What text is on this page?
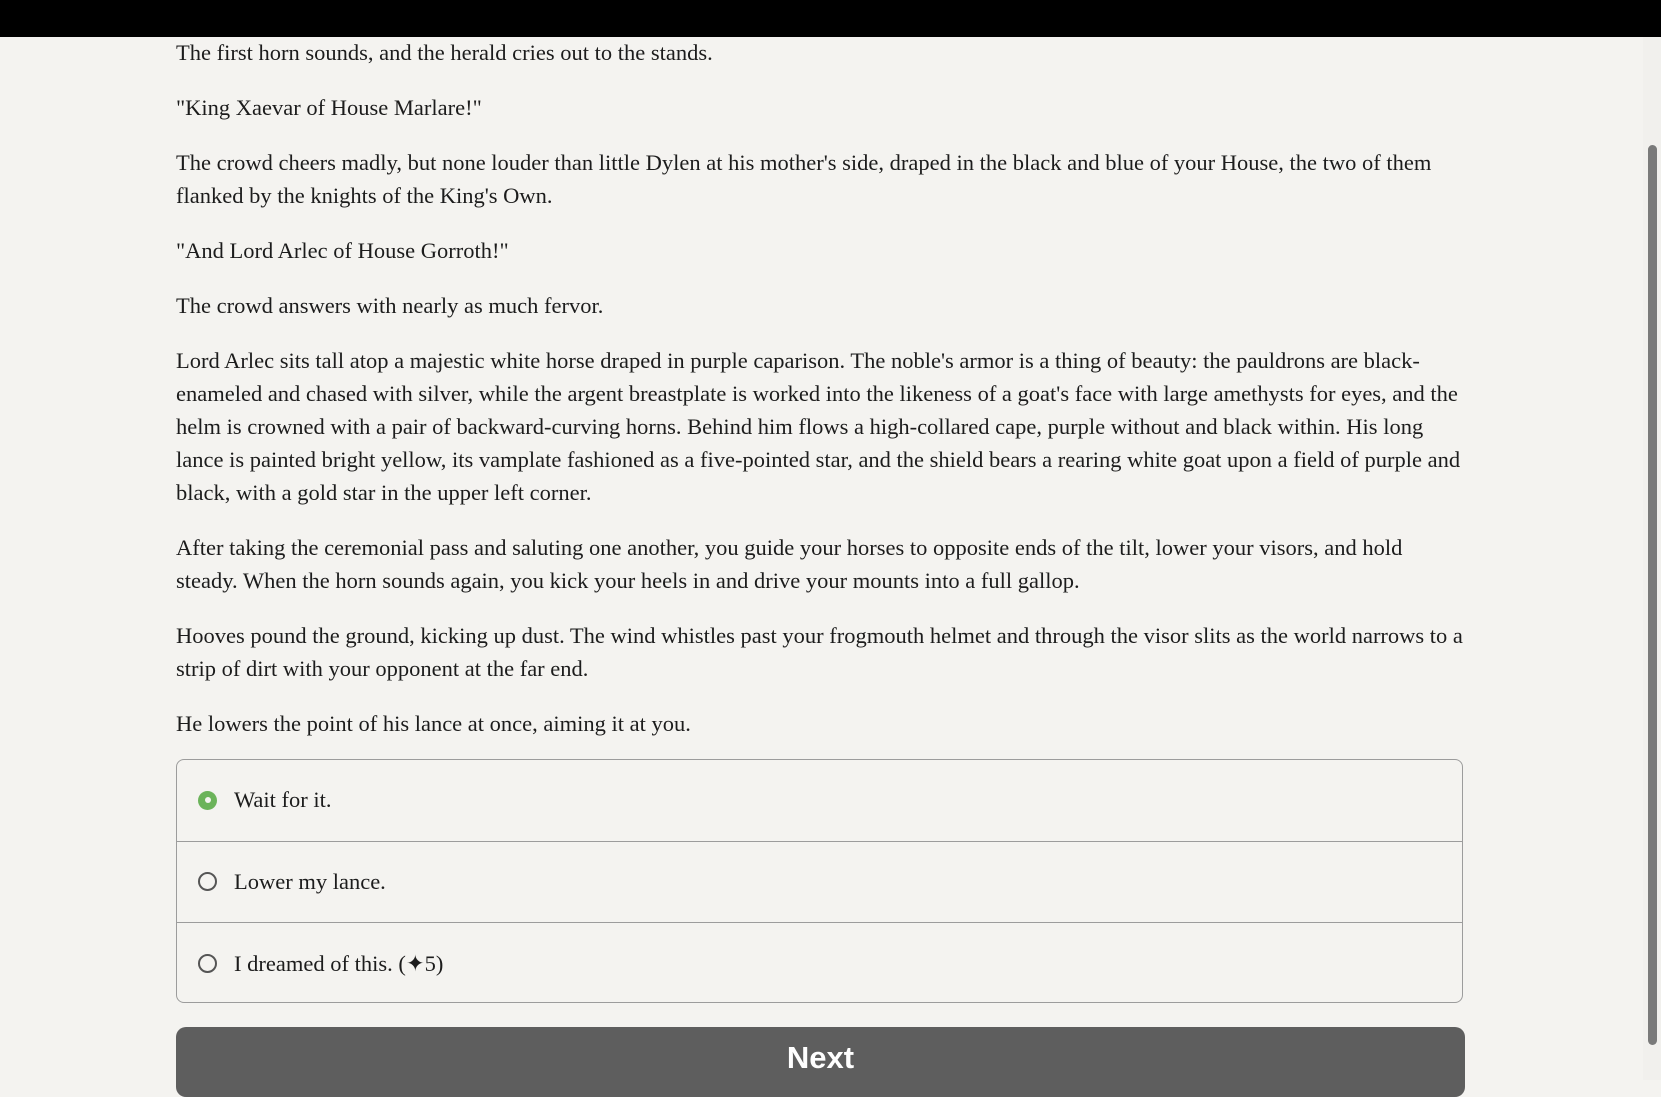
The first horn sounds, and the herald cries out to the stands.

"King Xaevar of House Marlare!"

The crowd cheers madly, but none louder than little Dylen at his mother's side, draped in the black and blue of your House, the two of them flanked by the knights of the King's Own.

"And Lord Arlec of House Gorroth!"

The crowd answers with nearly as much fervor.

Lord Arlec sits tall atop a majestic white horse draped in purple caparison. The noble's armor is a thing of beauty: the pauldrons are black-enameled and chased with silver, while the argent breastplate is worked into the likeness of a goat's face with large amethysts for eyes, and the helm is crowned with a pair of backward-curving horns. Behind him flows a high-collared cape, purple without and black within. His long lance is painted bright yellow, its vamplate fashioned as a five-pointed star, and the shield bears a rearing white goat upon a field of purple and black, with a gold star in the upper left corner.

After taking the ceremonial pass and saluting one another, you guide your horses to opposite ends of the tilt, lower your visors, and hold steady. When the horn sounds again, you kick your heels in and drive your mounts into a full gallop.

Hooves pound the ground, kicking up dust. The wind whistles past your frogmouth helmet and through the visor slits as the world narrows to a strip of dirt with your opponent at the far end.

He lowers the point of his lance at once, aiming it at you.

Wait for it.
Lower my lance.
I dreamed of this. (✦5)
Next
